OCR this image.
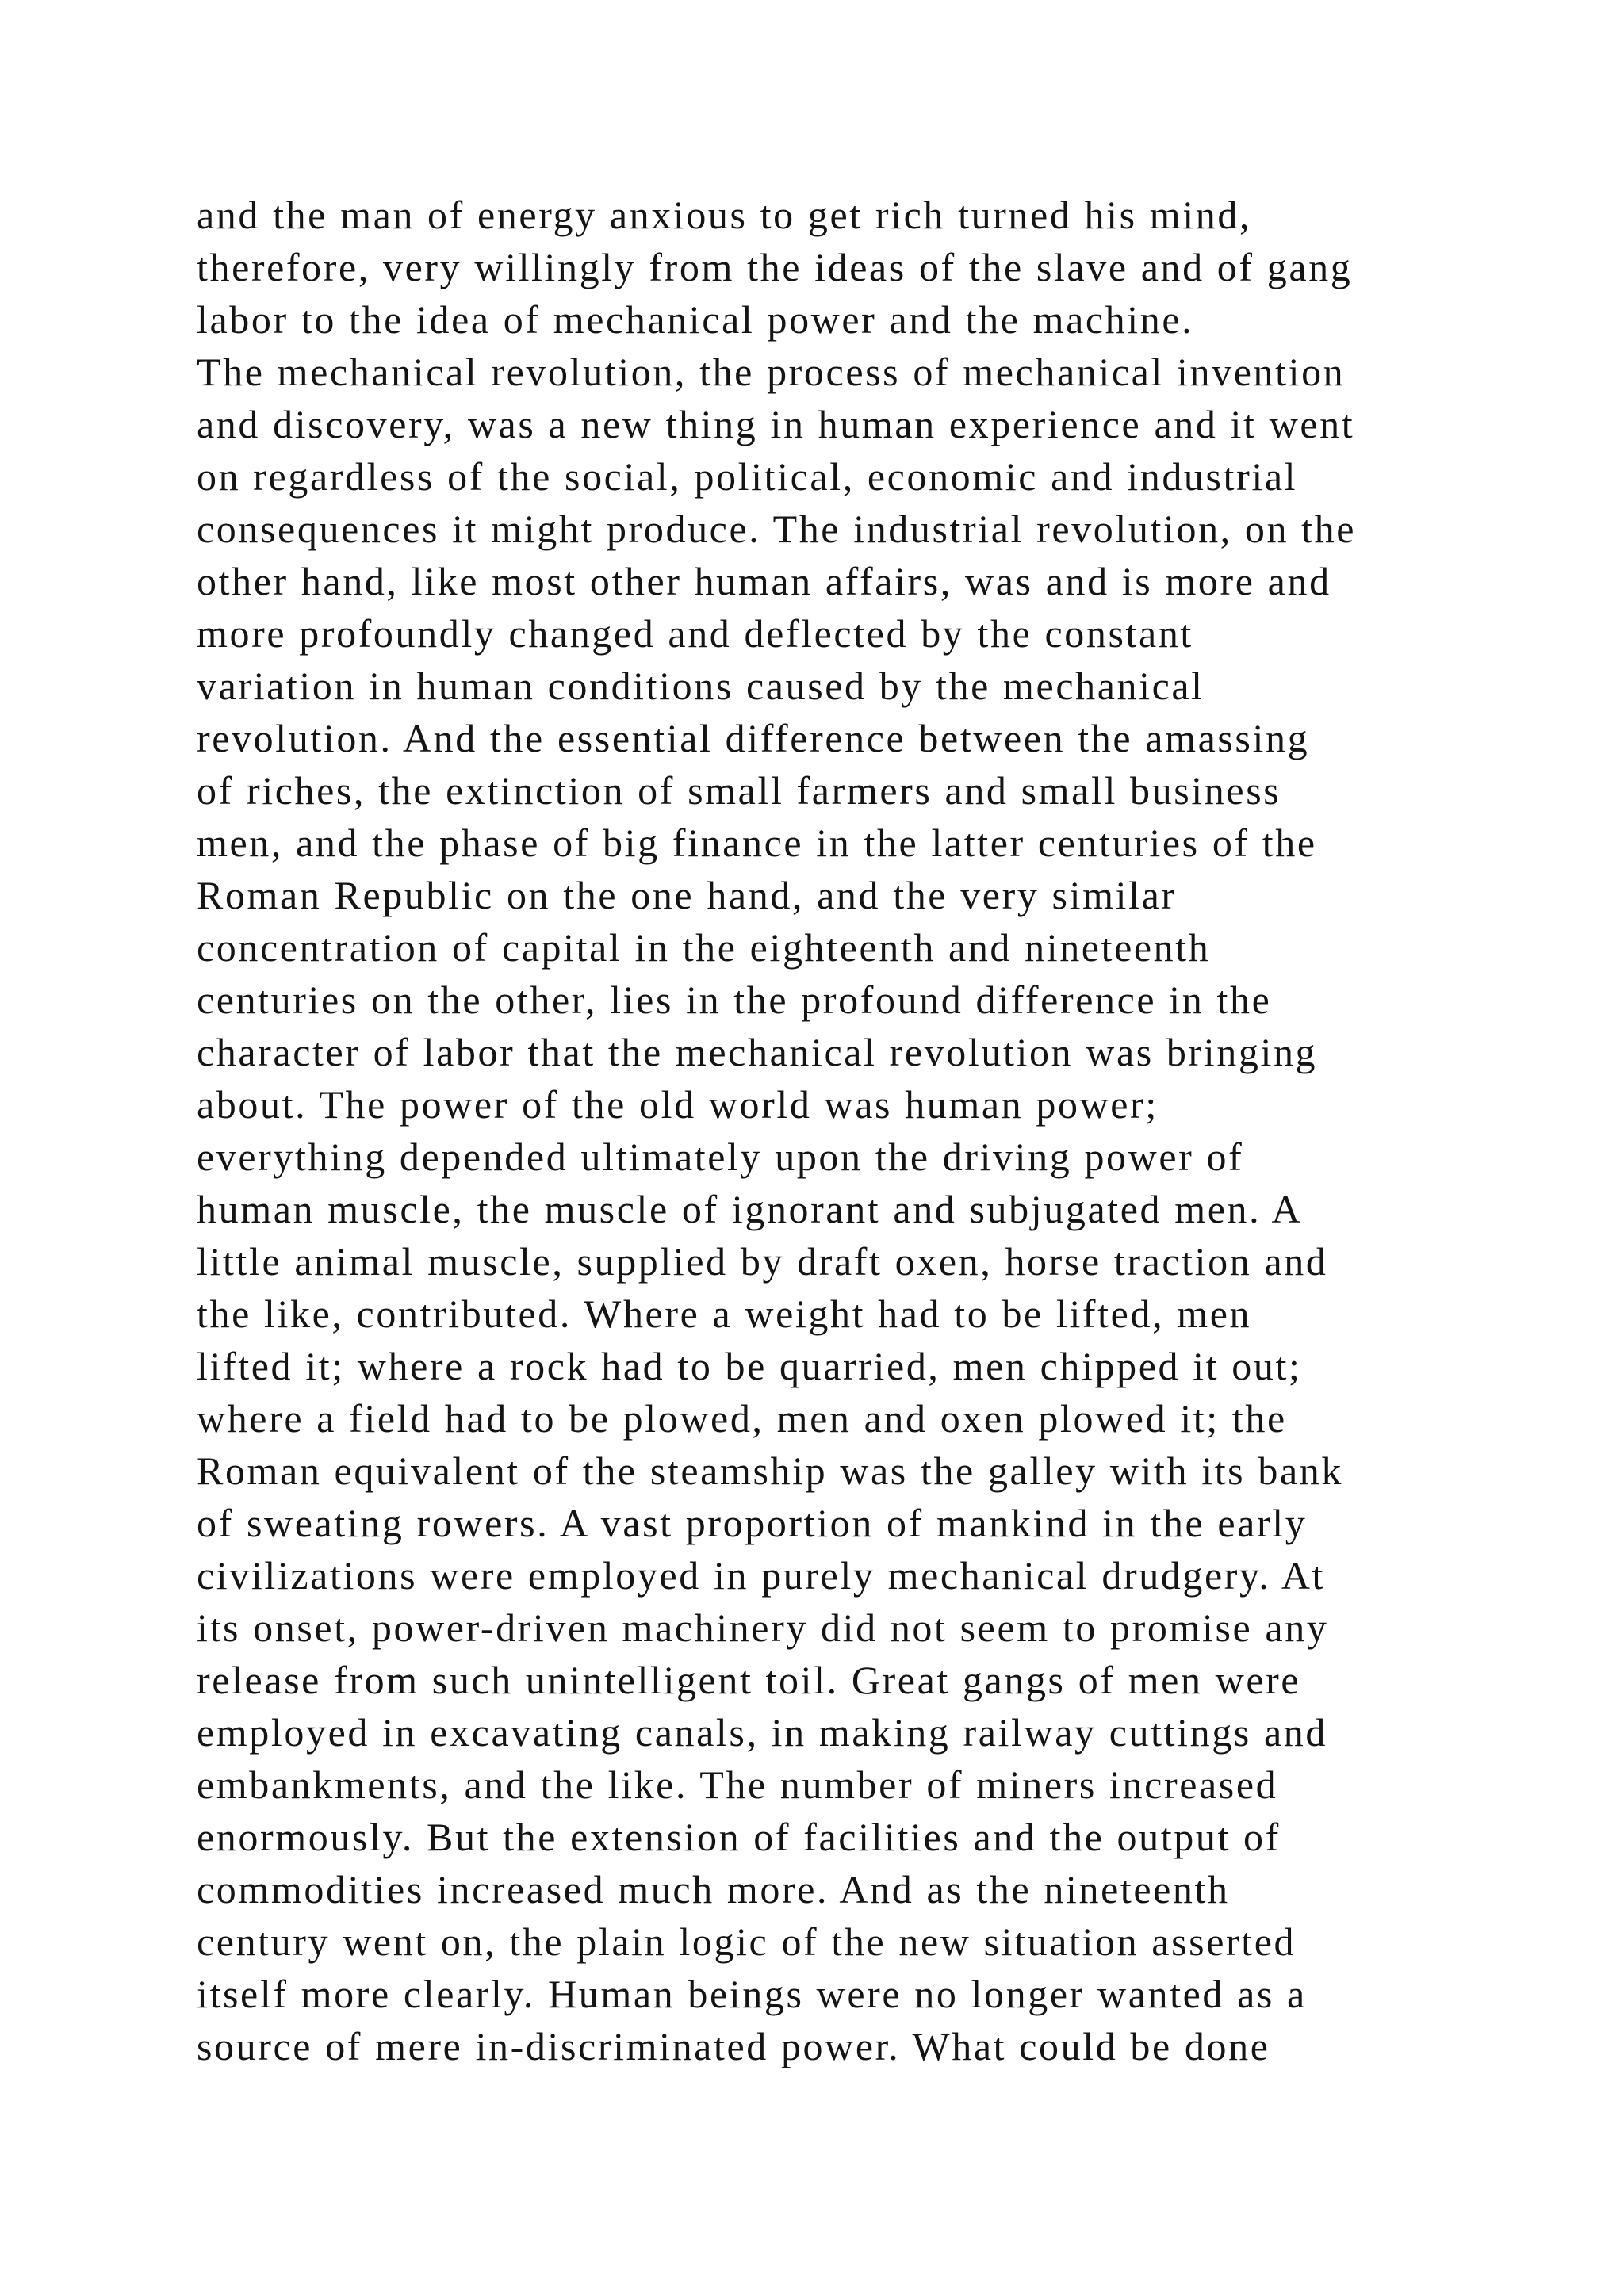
and the man of energy anxious to get rich turned his mind,
therefore, very willingly from the ideas of the slave and of gang
labor to the idea of mechanical power and the machine.
The mechanical revolution, the process of mechanical invention
and discovery, was a new thing in human experience and it went
on regardless of the social, political, economic and industrial
consequences it might produce. The industrial revolution, on the
other hand, like most other human affairs, was and is more and
more profoundly changed and deflected by the constant
variation in human conditions caused by the mechanical
revolution. And the essential difference between the amassing
of riches, the extinction of small farmers and small business
men, and the phase of big finance in the latter centuries of the
Roman Republic on the one hand, and the very similar
concentration of capital in the eighteenth and nineteenth
centuries on the other, lies in the profound difference in the
character of labor that the mechanical revolution was bringing
about. The power of the old world was human power;
everything depended ultimately upon the driving power of
human muscle, the muscle of ignorant and subjugated men. A
little animal muscle, supplied by draft oxen, horse traction and
the like, contributed. Where a weight had to be lifted, men
lifted it; where a rock had to be quarried, men chipped it out;
where a field had to be plowed, men and oxen plowed it; the
Roman equivalent of the steamship was the galley with its bank
of sweating rowers. A vast proportion of mankind in the early
civilizations were employed in purely mechanical drudgery. At
its onset, power-driven machinery did not seem to promise any
release from such unintelligent toil. Great gangs of men were
employed in excavating canals, in making railway cuttings and
embankments, and the like. The number of miners increased
enormously. But the extension of facilities and the output of
commodities increased much more. And as the nineteenth
century went on, the plain logic of the new situation asserted
itself more clearly. Human beings were no longer wanted as a
source of mere in-discriminated power. What could be done
